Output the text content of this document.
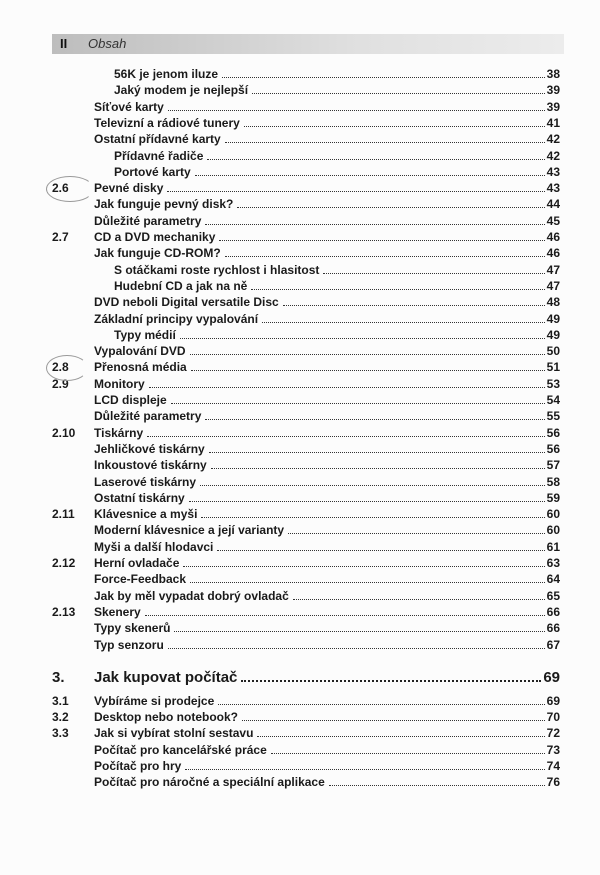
II Obsah
56K je jenom iluze	38
Jaký modem je nejlepší	39
Síťové karty	39
Televizní a rádiové tunery	41
Ostatní přídavné karty	42
Přídavné řadiče	42
Portové karty	43
2.6	Pevné disky	43
Jak funguje pevný disk?	44
Důležité parametry	45
2.7	CD a DVD mechaniky	46
Jak funguje CD-ROM?	46
S otáčkami roste rychlost i hlasitost	47
Hudební CD a jak na ně	47
DVD neboli Digital versatile Disc	48
Základní principy vypalování	49
Typy médií	49
Vypalování DVD	50
2.8	Přenosná média	51
2.9	Monitory	53
LCD displeje	54
Důležité parametry	55
2.10	Tiskárny	56
Jehličkové tiskárny	56
Inkoustové tiskárny	57
Laserové tiskárny	58
Ostatní tiskárny	59
2.11	Klávesnice a myši	60
Moderní klávesnice a její varianty	60
Myši a další hlodavci	61
2.12	Herní ovladače	63
Force-Feedback	64
Jak by měl vypadat dobrý ovladač	65
2.13	Skenery	66
Typy skenerů	66
Typ senzoru	67
3.	Jak kupovat počítač	69
3.1	Vybíráme si prodejce	69
3.2	Desktop nebo notebook?	70
3.3	Jak si vybírat stolní sestavu	72
Počítač pro kancelářské práce	73
Počítač pro hry	74
Počítač pro náročné a speciální aplikace	76
